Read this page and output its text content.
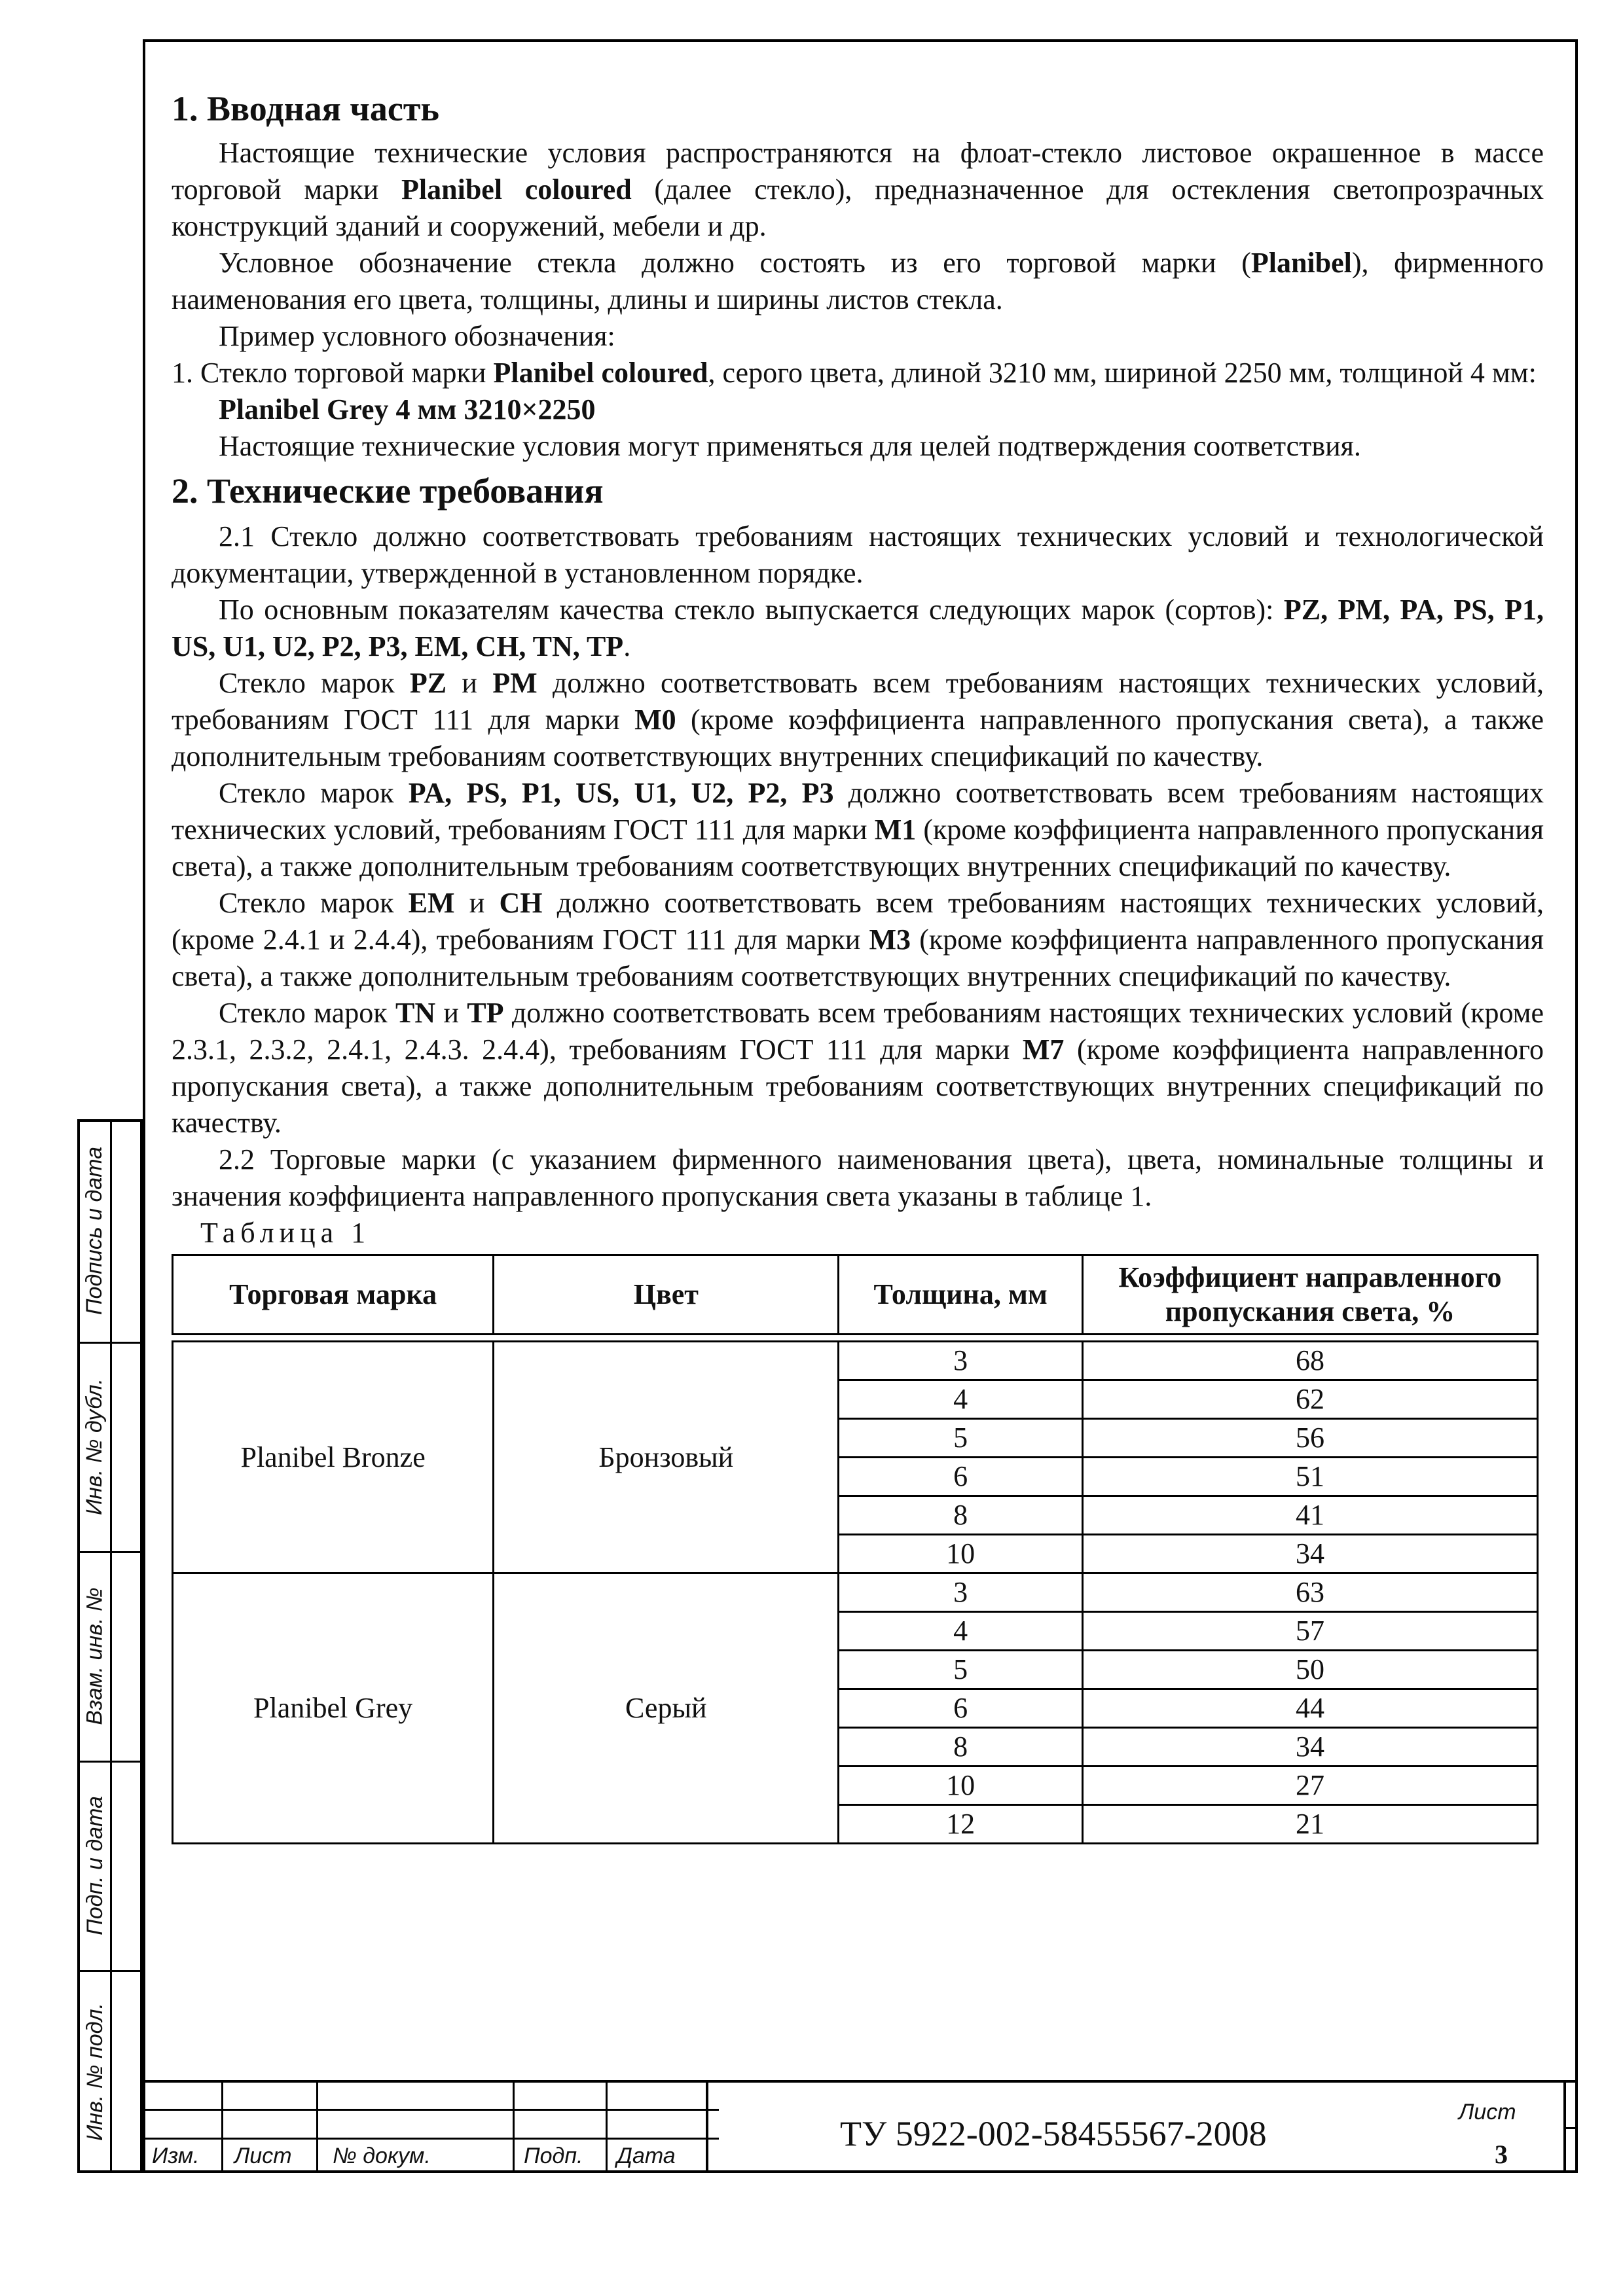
1. Вводная часть

Настоящие технические условия распространяются на флоат-стекло листовое окрашенное в массе торговой марки Planibel coloured (далее стекло), предназначенное для остекления светопрозрачных конструкций зданий и сооружений, мебели и др.

Условное обозначение стекла должно состоять из его торговой марки (Planibel), фирменного наименования его цвета, толщины, длины и ширины листов стекла.

Пример условного обозначения:

1. Стекло торговой марки Planibel coloured, серого цвета, длиной 3210 мм, шириной 2250 мм, толщиной 4 мм:

Planibel Grey 4 мм 3210×2250

Настоящие технические условия могут применяться для целей подтверждения соответствия.

2. Технические требования

2.1 Стекло должно соответствовать требованиям настоящих технических условий и технологической документации, утвержденной в установленном порядке.

По основным показателям качества стекло выпускается следующих марок (сортов): PZ, PM, PA, PS, P1, US, U1, U2, P2, P3, EM, CH, TN, TP.

Стекло марок PZ и PM должно соответствовать всем требованиям настоящих технических условий, требованиям ГОСТ 111 для марки M0 (кроме коэффициента направленного пропускания света), а также дополнительным требованиям соответствующих внутренних спецификаций по качеству.

Стекло марок PA, PS, P1, US, U1, U2, P2, P3 должно соответствовать всем требованиям настоящих технических условий, требованиям ГОСТ 111 для марки M1 (кроме коэффициента направленного пропускания света), а также дополнительным требованиям соответствующих внутренних спецификаций по качеству.

Стекло марок EM и CH должно соответствовать всем требованиям настоящих технических условий, (кроме 2.4.1 и 2.4.4), требованиям ГОСТ 111 для марки M3 (кроме коэффициента направленного пропускания света), а также дополнительным требованиям соответствующих внутренних спецификаций по качеству.

Стекло марок TN и TP должно соответствовать всем требованиям настоящих технических условий (кроме 2.3.1, 2.3.2, 2.4.1, 2.4.3. 2.4.4), требованиям ГОСТ 111 для марки M7 (кроме коэффициента направленного пропускания света), а также дополнительным требованиям соответствующих внутренних спецификаций по качеству.

2.2 Торговые марки (с указанием фирменного наименования цвета), цвета, номинальные толщины и значения коэффициента направленного пропускания света указаны в таблице 1.

Таблица 1

Торговая марка	Цвет	Толщина, мм	Коэффициент направленного пропускания света, %

Planibel Bronze	Бронзовый	3	68
		4	62
		5	56
		6	51
		8	41
		10	34
Planibel Grey	Серый	3	63
		4	57
		5	50
		6	44
		8	34
		10	27
		12	21
Подпись и дата
Инв. № дубл.
Взам. инв. №
Подп. и дата
Инв. № подл.
Изм. Лист № докум.	Подп. Дата
ТУ 5922-002-58455567-2008
Лист
3
